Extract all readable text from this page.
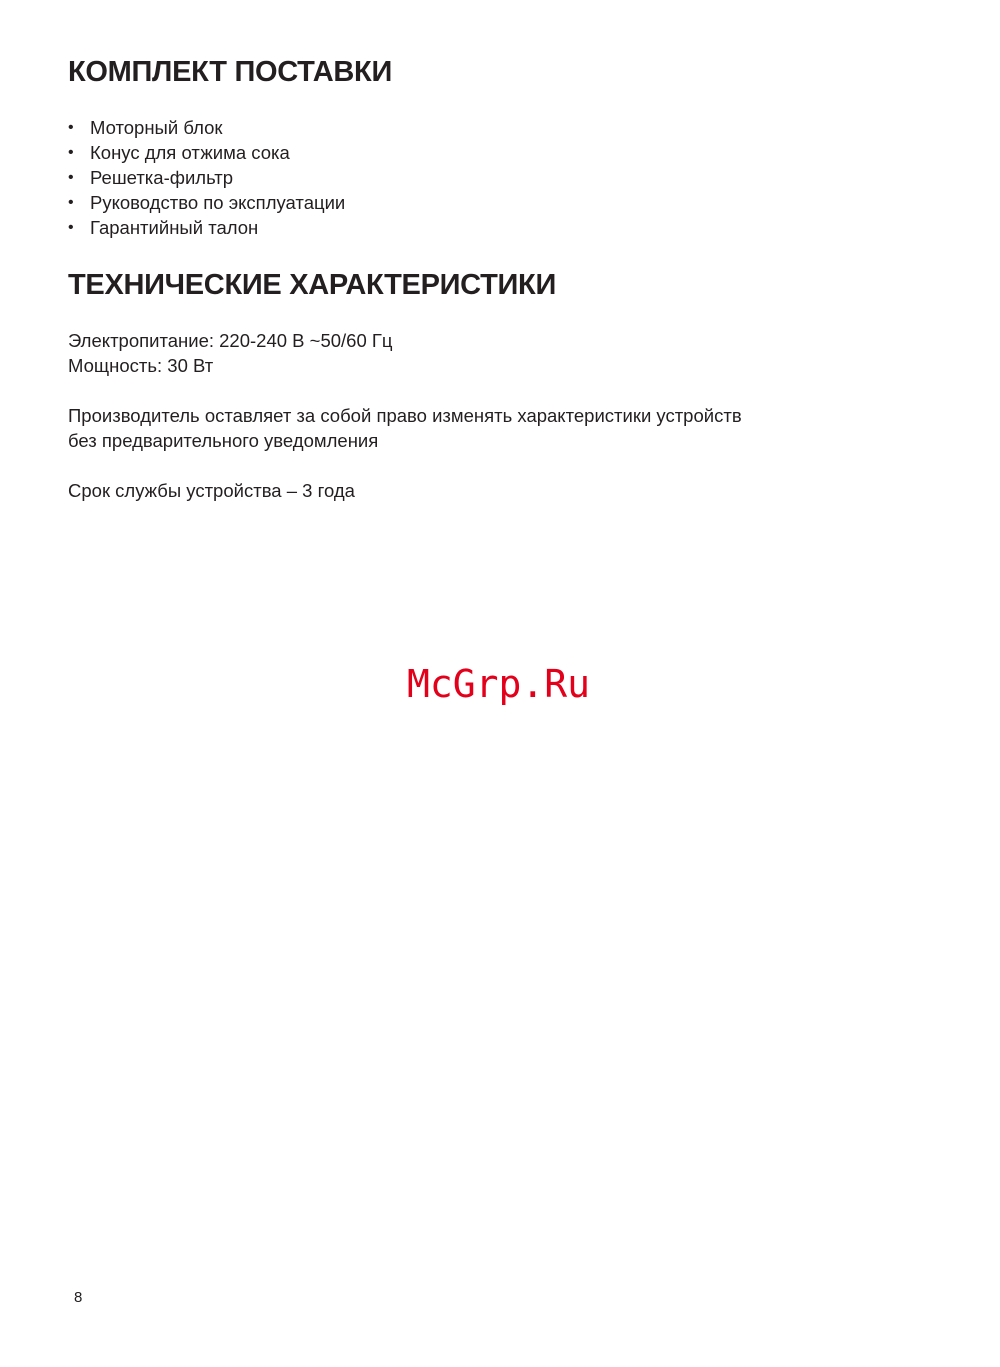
КОМПЛЕКТ ПОСТАВКИ
• Моторный блок
• Конус для отжима сока
• Решетка-фильтр
• Руководство по эксплуатации
• Гарантийный талон
ТЕХНИЧЕСКИЕ ХАРАКТЕРИСТИКИ

Электропитание: 220-240 В ~50/60 Гц
Мощность: 30 Вт

Производитель оставляет за собой право изменять характеристики устройств
без предварительного уведомления

Срок службы устройства – 3 года

McGrp.Ru
8
